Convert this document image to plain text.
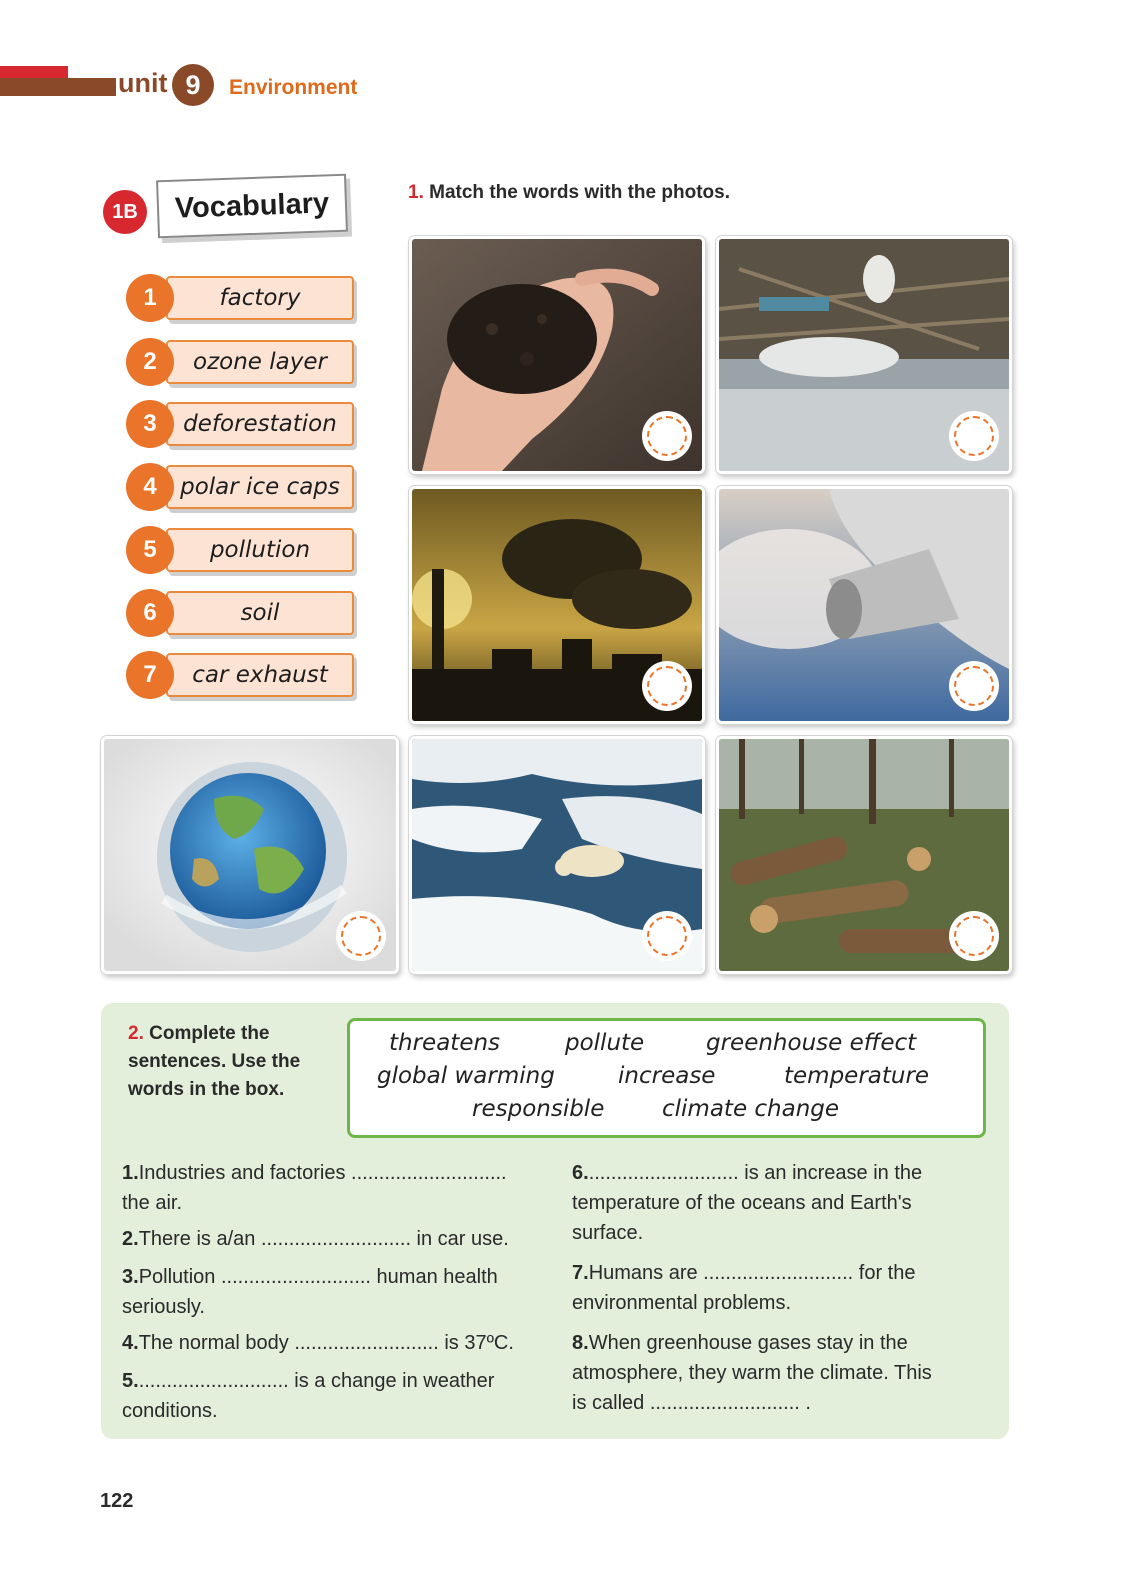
unit 9	Environment
1B	Vocabulary	1. Match the words with the photos.
factory
1
ozone layer
2
deforestation
3
polar ice caps
4
pollution
5
soil
6
car exhaust
7
2. Complete the
sentences. Use the
words in the box.
threatens	pollute	greenhouse effect
global warming	increase	temperature
responsible	climate change
1.Industries and factories ............................
the air.
2.There is a/an ........................... in car use.
3.Pollution ........................... human health
seriously.
4.The normal body .......................... is 37ºC.
5............................ is a change in weather
conditions.
6............................ is an increase in the
temperature of the oceans and Earth's
surface.
7.Humans are ........................... for the
environmental problems.
8.When greenhouse gases stay in the
atmosphere, they warm the climate. This
is called ........................... .
122
